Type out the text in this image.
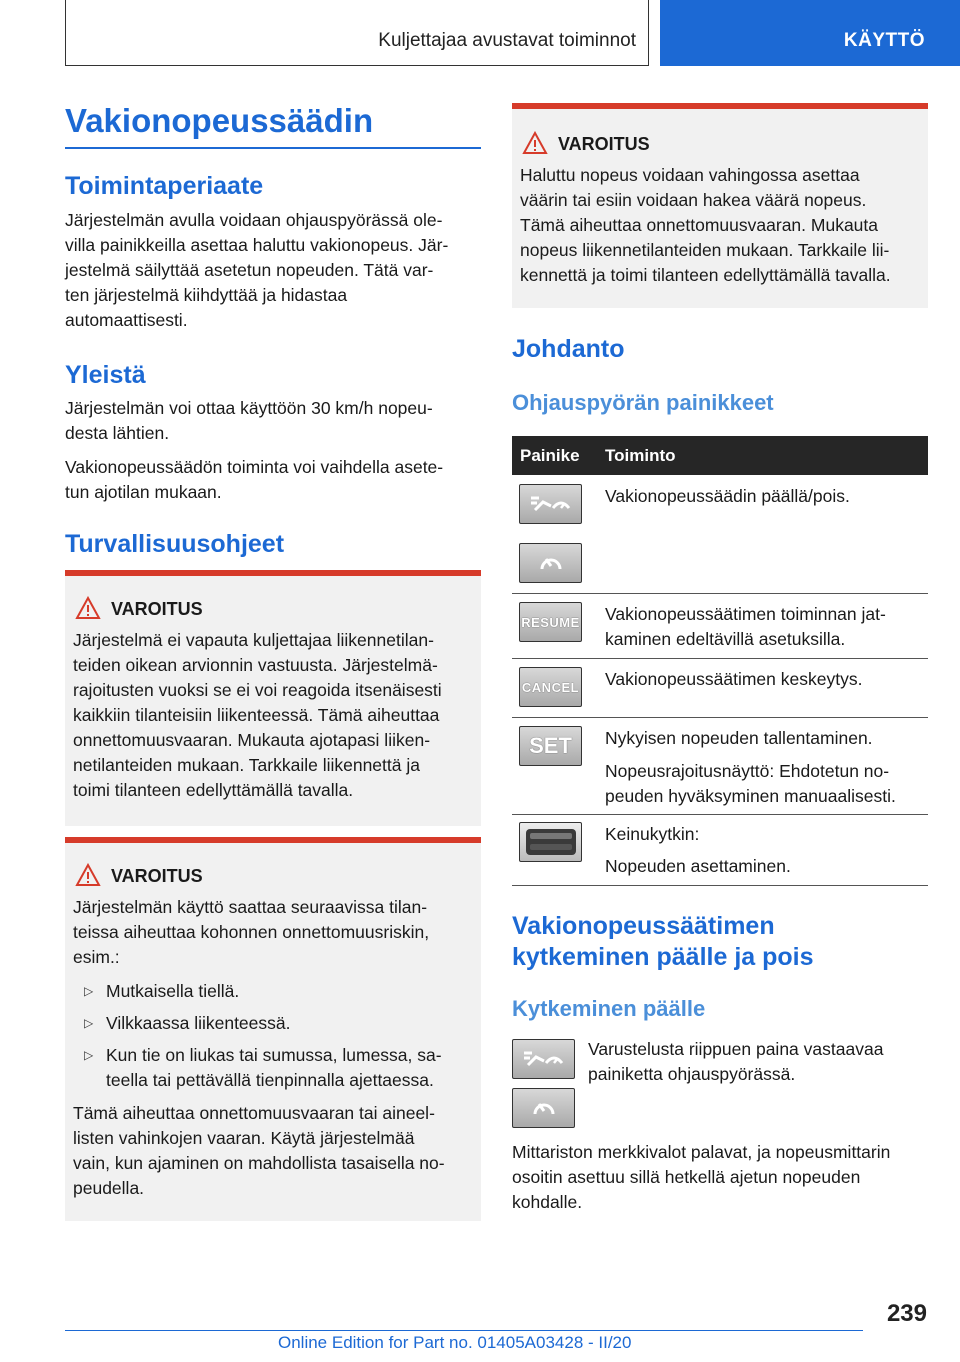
Kuljettajaa avustavat toiminnot	KÄYTTÖ
Vakionopeussäädin
Toimintaperiaate
Järjestelmän avulla voidaan ohjauspyörässä ole-
villa painikkeilla asettaa haluttu vakionopeus. Jär-
jestelmä säilyttää asetetun nopeuden. Tätä var-
ten järjestelmä kiihdyttää ja hidastaa
automaattisesti.
Yleistä
Järjestelmän voi ottaa käyttöön 30 km/h nopeu-
desta lähtien.
Vakionopeussäädön toiminta voi vaihdella asete-
tun ajotilan mukaan.
Turvallisuusohjeet
VAROITUS
Järjestelmä ei vapauta kuljettajaa liikennetilan-
teiden oikean arvionnin vastuusta. Järjestelmä-
rajoitusten vuoksi se ei voi reagoida itsenäisesti
kaikkiin tilanteisiin liikenteessä. Tämä aiheuttaa
onnettomuusvaaran. Mukauta ajotapasi liiken-
netilanteiden mukaan. Tarkkaile liikennettä ja
toimi tilanteen edellyttämällä tavalla.
VAROITUS
Järjestelmän käyttö saattaa seuraavissa tilan-
teissa aiheuttaa kohonnen onnettomuusriskin,
esim.:
▷ Mutkaisella tiellä.
▷ Vilkkaassa liikenteessä.
▷ Kun tie on liukas tai sumussa, lumessa, sa-
teella tai pettävällä tienpinnalla ajettaessa.
Tämä aiheuttaa onnettomuusvaaran tai aineel-
listen vahinkojen vaaran. Käytä järjestelmää
vain, kun ajaminen on mahdollista tasaisella no-
peudella.
VAROITUS
Haluttu nopeus voidaan vahingossa asettaa
väärin tai esiin voidaan hakea väärä nopeus.
Tämä aiheuttaa onnettomuusvaaran. Mukauta
nopeus liikennetilanteiden mukaan. Tarkkaile lii-
kennettä ja toimi tilanteen edellyttämällä tavalla.
Johdanto
Ohjauspyörän painikkeet
Painike Toiminto
Vakionopeussäädin päällä/pois.
RESUME Vakionopeussäätimen toiminnan jat-
kaminen edeltävillä asetuksilla.
CANCEL Vakionopeussäätimen keskeytys.
SET Nykyisen nopeuden tallentaminen.
Nopeusrajoitusnäyttö: Ehdotetun no-
peuden hyväksyminen manuaalisesti.
Keinukytkin:
Nopeuden asettaminen.
Vakionopeussäätimen
kytkeminen päälle ja pois
Kytkeminen päälle
Varustelusta riippuen paina vastaavaa
painiketta ohjauspyörässä.
Mittariston merkkivalot palavat, ja nopeusmittarin
osoitin asettuu sillä hetkellä ajetun nopeuden
kohdalle.
239
Online Edition for Part no. 01405A03428 - II/20
